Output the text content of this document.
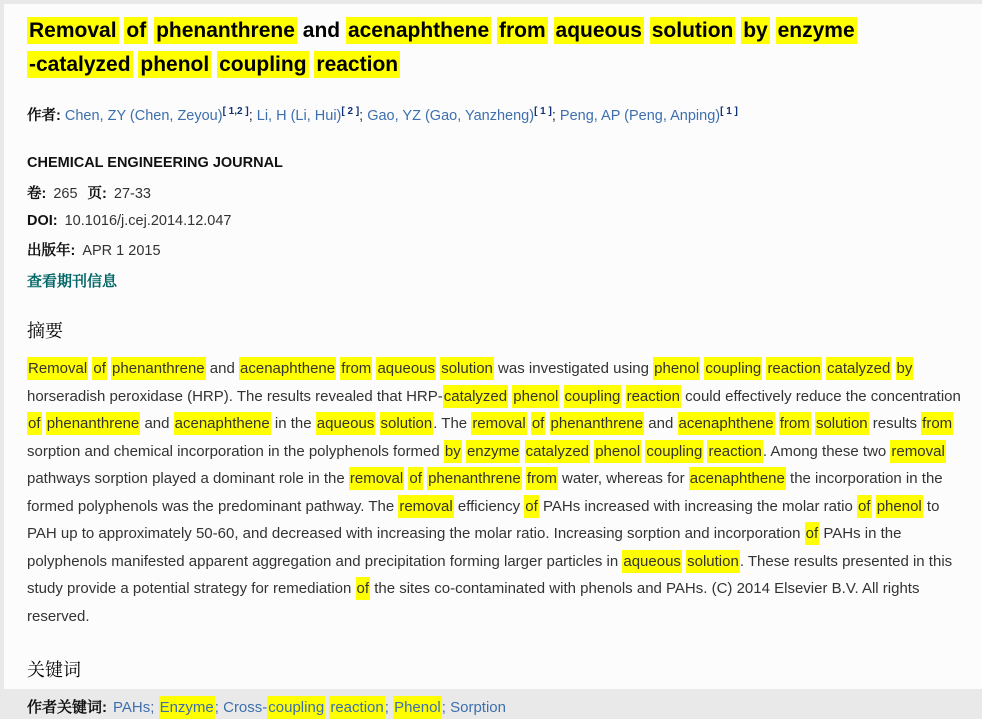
Removal of phenanthrene and acenaphthene from aqueous solution by enzyme
-catalyzed phenol coupling reaction

作者: Chen, ZY (Chen, Zeyou)[ 1,2 ]; Li, H (Li, Hui)[ 2 ]; Gao, YZ (Gao, Yanzheng)[ 1 ]; Peng, AP (Peng, Anping)[ 1 ]

CHEMICAL ENGINEERING JOURNAL

卷: 265 页: 27-33

DOI: 10.1016/j.cej.2014.12.047

出版年: APR 1 2015

查看期刊信息

摘要

Removal of phenanthrene and acenaphthene from aqueous solution was investigated using phenol coupling reaction catalyzed by horseradish peroxidase (HRP). The results revealed that HRP-catalyzed phenol coupling reaction could effectively reduce the concentration of phenanthrene and acenaphthene in the aqueous solution. The removal of phenanthrene and acenaphthene from solution results from sorption and chemical incorporation in the polyphenols formed by enzyme catalyzed phenol coupling reaction. Among these two removal pathways sorption played a dominant role in the removal of phenanthrene from water, whereas for acenaphthene the incorporation in the formed polyphenols was the predominant pathway. The removal efficiency of PAHs increased with increasing the molar ratio of phenol to PAH up to approximately 50-60, and decreased with increasing the molar ratio. Increasing sorption and incorporation of PAHs in the polyphenols manifested apparent aggregation and precipitation forming larger particles in aqueous solution. These results presented in this study provide a potential strategy for remediation of the sites co-contaminated with phenols and PAHs. (C) 2014 Elsevier B.V. All rights reserved.

关键词

作者关键词: PAHs; Enzyme; Cross-coupling reaction; Phenol; Sorption
